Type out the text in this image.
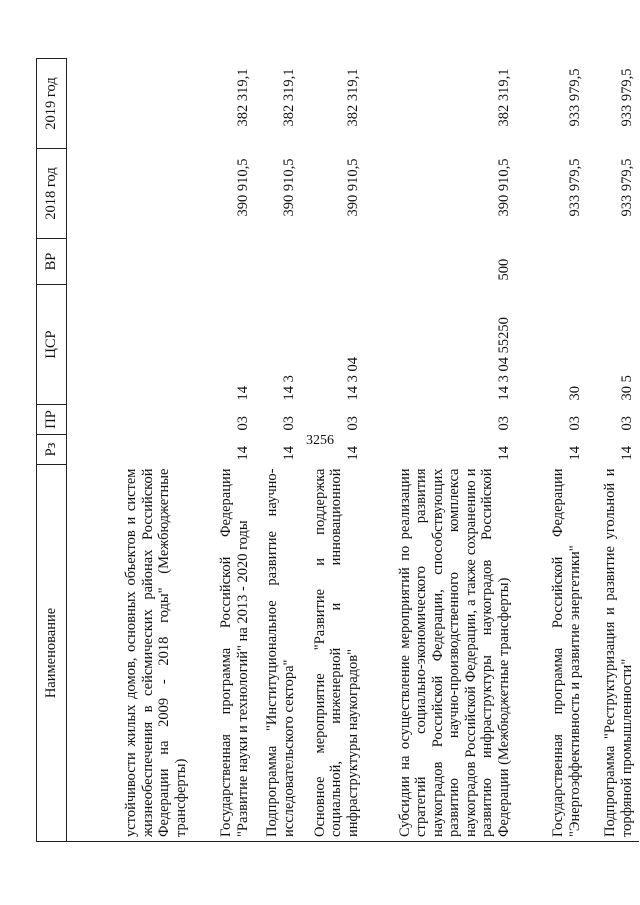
3256
Наименование	Рз	ПР	ЦСР	ВР	2018 год	2019 год
устойчивости жилых домов, основных объектов и систем жизнеобеспечения в сейсмических районах Российской Федерации на 2009 - 2018 годы" (Межбюджетные трансферты)						
Государственная программа Российской Федерации "Развитие науки и технологий" на 2013 - 2020 годы	14	03	14		390 910,5	382 319,1
Подпрограмма "Институциональное развитие научно-исследовательского сектора"	14	03	14 3		390 910,5	382 319,1
Основное мероприятие "Развитие и поддержка социальной, инженерной и инновационной инфраструктуры наукоградов"	14	03	14 3 04		390 910,5	382 319,1
Субсидии на осуществление мероприятий по реализации стратегий социально-экономического развития наукоградов Российской Федерации, способствующих развитию научно-производственного комплекса наукоградов Российской Федерации, а также сохранению и развитию инфраструктуры наукоградов Российской Федерации (Межбюджетные трансферты)	14	03	14 3 04 55250	500	390 910,5	382 319,1
Государственная программа Российской Федерации "Энергоэффективность и развитие энергетики"	14	03	30		933 979,5	933 979,5
Подпрограмма "Реструктуризация и развитие угольной и торфяной промышленности"	14	03	30 5		933 979,5	933 979,5
